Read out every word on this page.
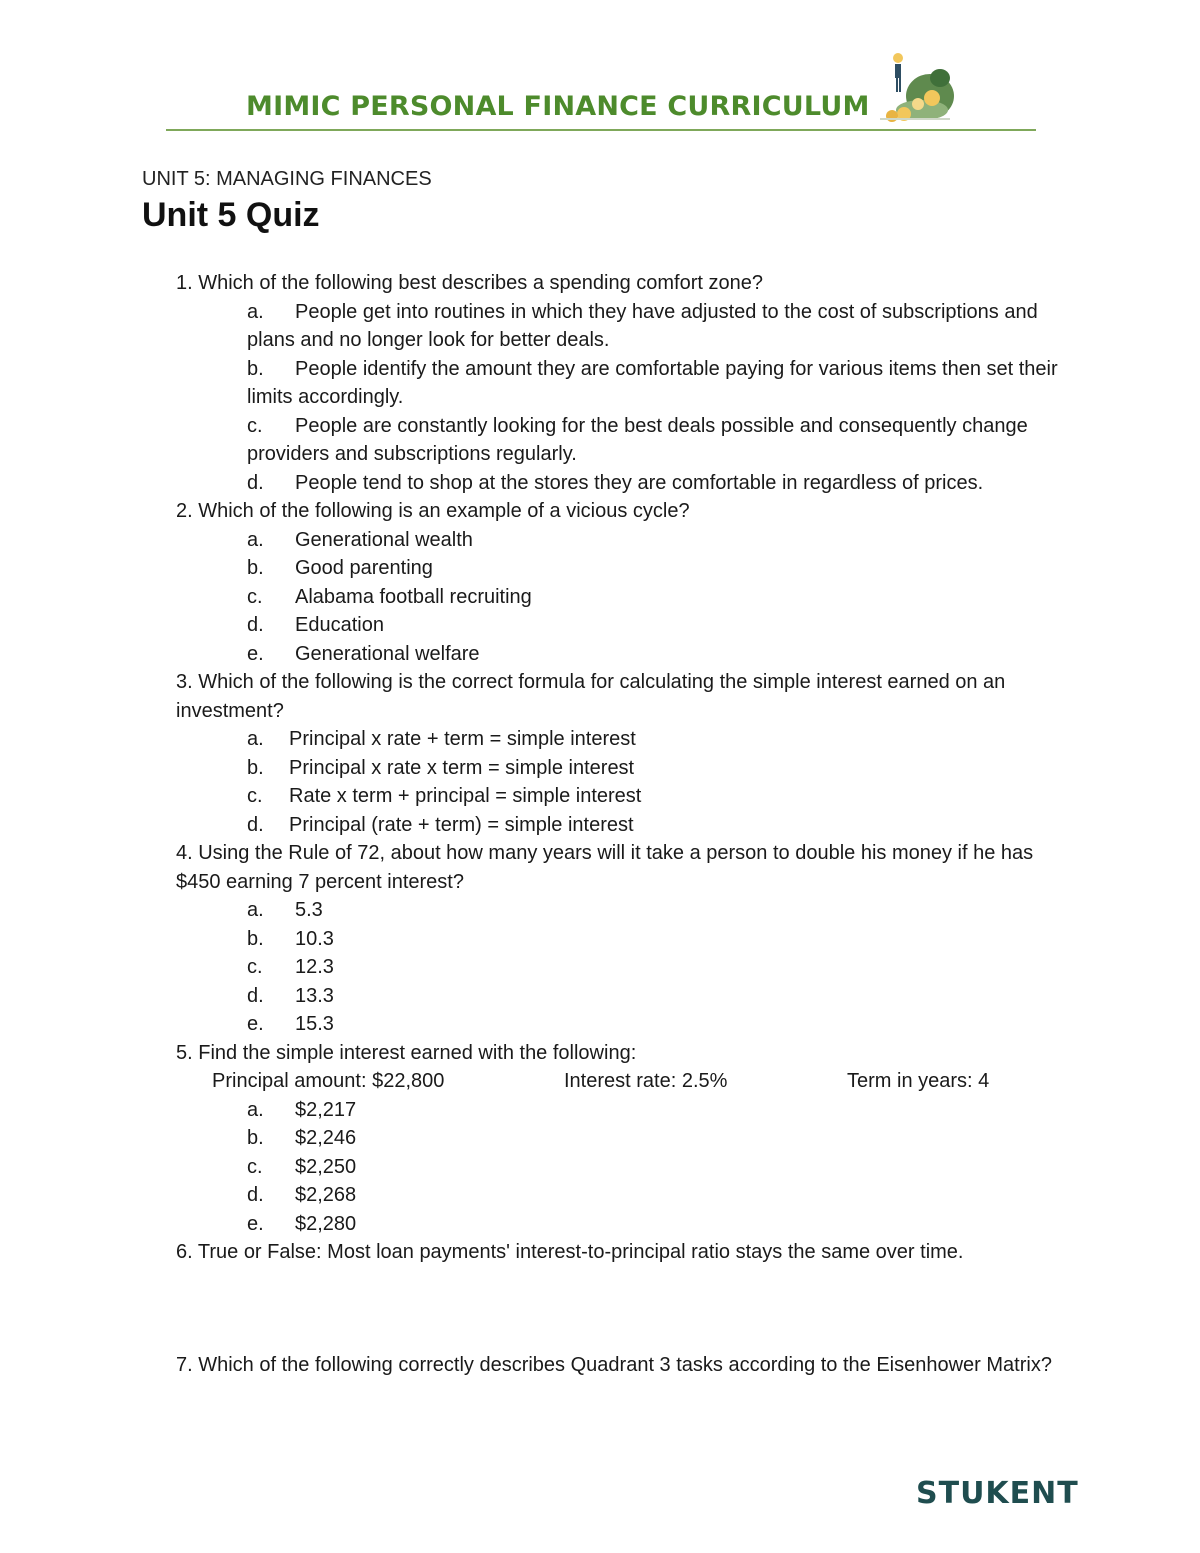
MIMIC PERSONAL FINANCE CURRICULUM
UNIT 5: MANAGING FINANCES
Unit 5 Quiz
1. Which of the following best describes a spending comfort zone?
a. People get into routines in which they have adjusted to the cost of subscriptions and plans and no longer look for better deals.
b. People identify the amount they are comfortable paying for various items then set their limits accordingly.
c. People are constantly looking for the best deals possible and consequently change providers and subscriptions regularly.
d. People tend to shop at the stores they are comfortable in regardless of prices.
2. Which of the following is an example of a vicious cycle?
a.	Generational wealth
b.	Good parenting
c.	Alabama football recruiting
d.	Education
e.	Generational welfare
3. Which of the following is the correct formula for calculating the simple interest earned on an investment?
a.	Principal x rate + term = simple interest
b.	Principal x rate x term = simple interest
c.	Rate x term + principal = simple interest
d.	Principal (rate + term) = simple interest
4. Using the Rule of 72, about how many years will it take a person to double his money if he has $450 earning 7 percent interest?
a.	5.3
b.	10.3
c.	12.3
d.	13.3
e.	15.3
5. Find the simple interest earned with the following:
Principal amount: $22,800	Interest rate: 2.5%	Term in years: 4
a.	$2,217
b.	$2,246
c.	$2,250
d.	$2,268
e.	$2,280
6. True or False: Most loan payments' interest-to-principal ratio stays the same over time.
7. Which of the following correctly describes Quadrant 3 tasks according to the Eisenhower Matrix?
STUKENT
